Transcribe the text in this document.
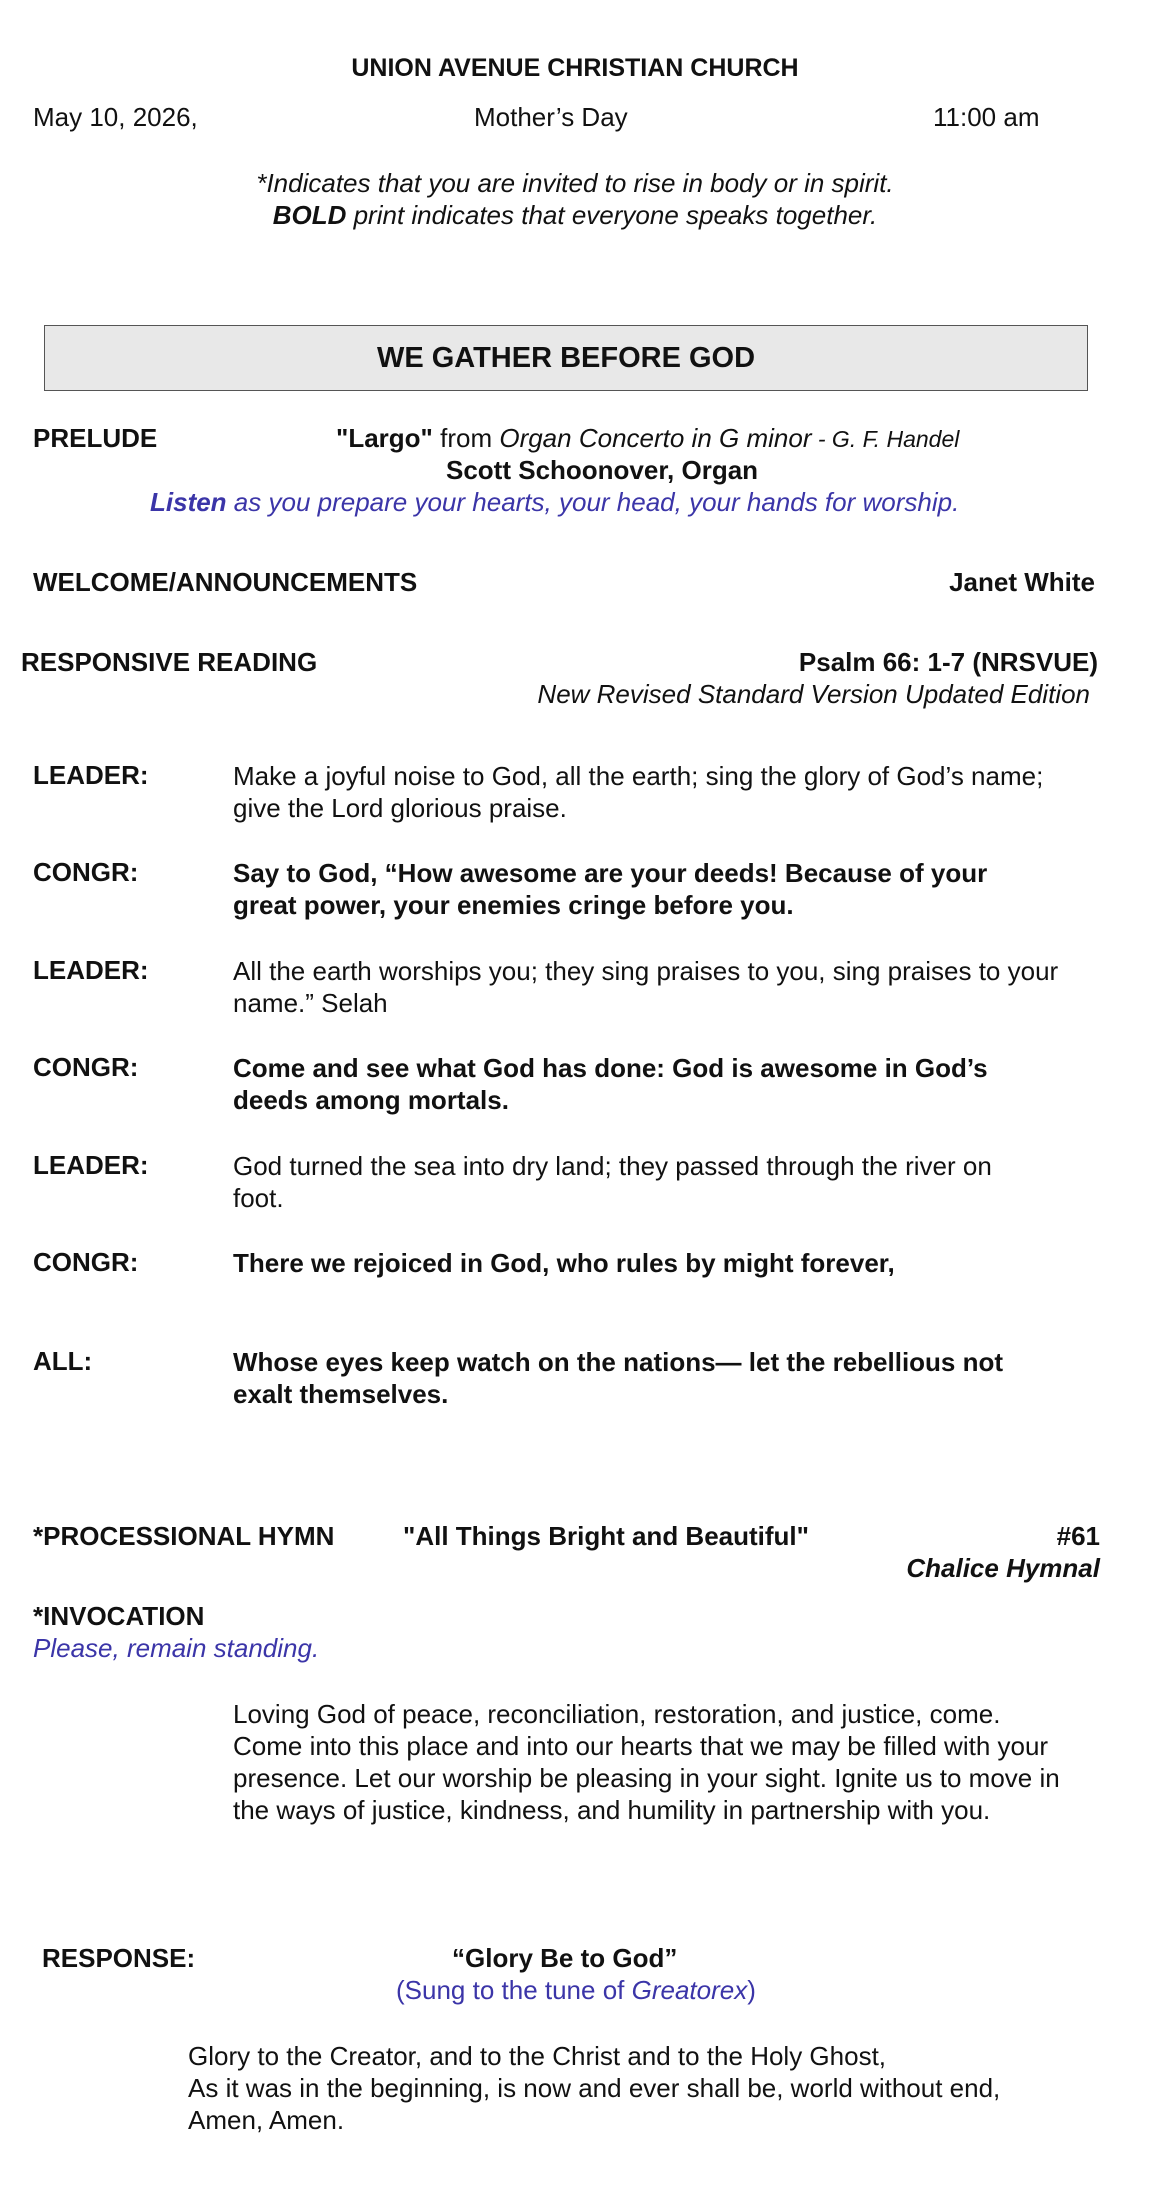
UNION AVENUE CHRISTIAN CHURCH
May 10, 2026,	Mother’s Day	11:00 am
*Indicates that you are invited to rise in body or in spirit.
BOLD print indicates that everyone speaks together.
WE GATHER BEFORE GOD
PRELUDE	"Largo" from Organ Concerto in G minor - G. F. Handel
Scott Schoonover, Organ
Listen as you prepare your hearts, your head, your hands for worship.
WELCOME/ANNOUNCEMENTS	Janet White
RESPONSIVE READING	Psalm 66: 1-7 (NRSVUE)
New Revised Standard Version Updated Edition
LEADER:	Make a joyful noise to God, all the earth; sing the glory of God’s name;
give the Lord glorious praise.
CONGR:	Say to God, “How awesome are your deeds! Because of your
great power, your enemies cringe before you.
LEADER:	All the earth worships you; they sing praises to you, sing praises to your
name.” Selah
CONGR:	Come and see what God has done: God is awesome in God’s
deeds among mortals.
LEADER:	God turned the sea into dry land; they passed through the river on
foot.
CONGR:	There we rejoiced in God, who rules by might forever,
ALL:	Whose eyes keep watch on the nations— let the rebellious not
exalt themselves.
*PROCESSIONAL HYMN	"All Things Bright and Beautiful"	#61
Chalice Hymnal
*INVOCATION
Please, remain standing.
Loving God of peace, reconciliation, restoration, and justice, come.
Come into this place and into our hearts that we may be filled with your
presence. Let our worship be pleasing in your sight. Ignite us to move in
the ways of justice, kindness, and humility in partnership with you.
RESPONSE:	“Glory Be to God”
(Sung to the tune of Greatorex)
Glory to the Creator, and to the Christ and to the Holy Ghost,
As it was in the beginning, is now and ever shall be, world without end,
Amen, Amen.
